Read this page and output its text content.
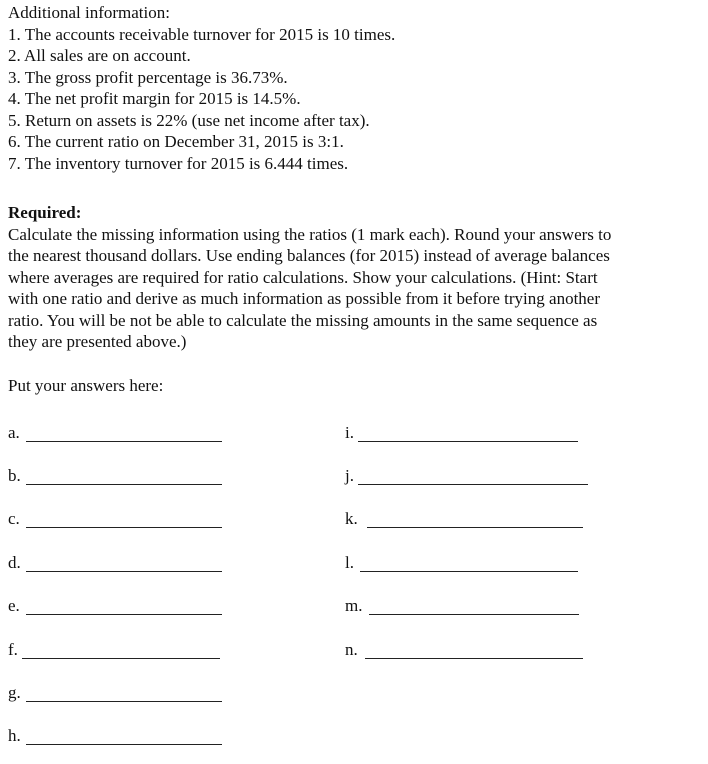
Additional information:
1. The accounts receivable turnover for 2015 is 10 times.
2. All sales are on account.
3. The gross profit percentage is 36.73%.
4. The net profit margin for 2015 is 14.5%.
5. Return on assets is 22% (use net income after tax).
6. The current ratio on December 31, 2015 is 3:1.
7. The inventory turnover for 2015 is 6.444 times.
Required:
Calculate the missing information using the ratios (1 mark each). Round your answers to
the nearest thousand dollars. Use ending balances (for 2015) instead of average balances
where averages are required for ratio calculations. Show your calculations. (Hint: Start
with one ratio and derive as much information as possible from it before trying another
ratio. You will be not be able to calculate the missing amounts in the same sequence as
they are presented above.)
Put your answers here:
a.
b.
c.
d.
e.
f.
g.
h.
i.
j.
k.
l.
m.
n.
